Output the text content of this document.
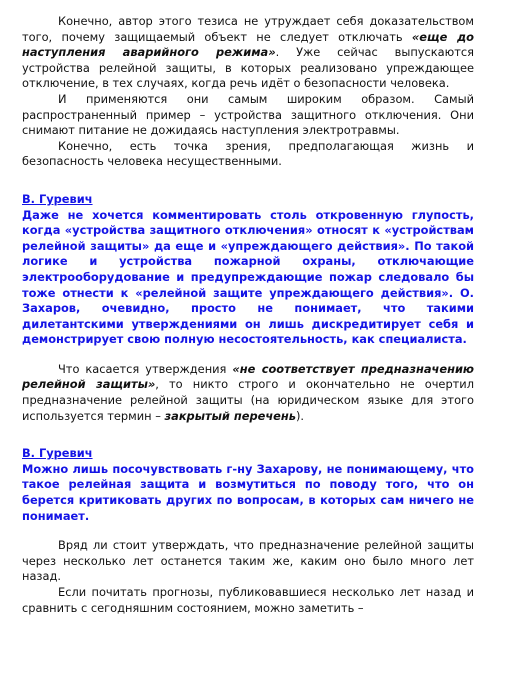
Конечно, автор этого тезиса не утруждает себя доказательством того, почему защищаемый объект не следует отключать «еще до наступления аварийного режима». Уже сейчас выпускаются устройства релейной защиты, в которых реализовано упреждающее отключение, в тех случаях, когда речь идёт о безопасности человека.

И применяются они самым широким образом. Самый распространенный пример – устройства защитного отключения. Они снимают питание не дожидаясь наступления электротравмы.

Конечно, есть точка зрения, предполагающая жизнь и безопасность человека несущественными.

В. Гуревич

Даже не хочется комментировать столь откровенную глупость, когда «устройства защитного отключения» относят к «устройствам релейной защиты» да еще и «упреждающего действия». По такой логике и устройства пожарной охраны, отключающие электрооборудование и предупреждающие пожар следовало бы тоже отнести к «релейной защите упреждающего действия». О. Захаров, очевидно, просто не понимает, что такими дилетантскими утверждениями он лишь дискредитирует себя и демонстрирует свою полную несостоятельность, как специалиста.

Что касается утверждения «не соответствует предназначению релейной защиты», то никто строго и окончательно не очертил предназначение релейной защиты (на юридическом языке для этого используется термин – закрытый перечень).

В. Гуревич

Можно лишь посочувствовать г-ну Захарову, не понимающему, что такое релейная защита и возмутиться по поводу того, что он берется критиковать других по вопросам, в которых сам ничего не понимает.

Вряд ли стоит утверждать, что предназначение релейной защиты через несколько лет останется таким же, каким оно было много лет назад.

Если почитать прогнозы, публиковавшиеся несколько лет назад и сравнить с сегодняшним состоянием, можно заметить –
